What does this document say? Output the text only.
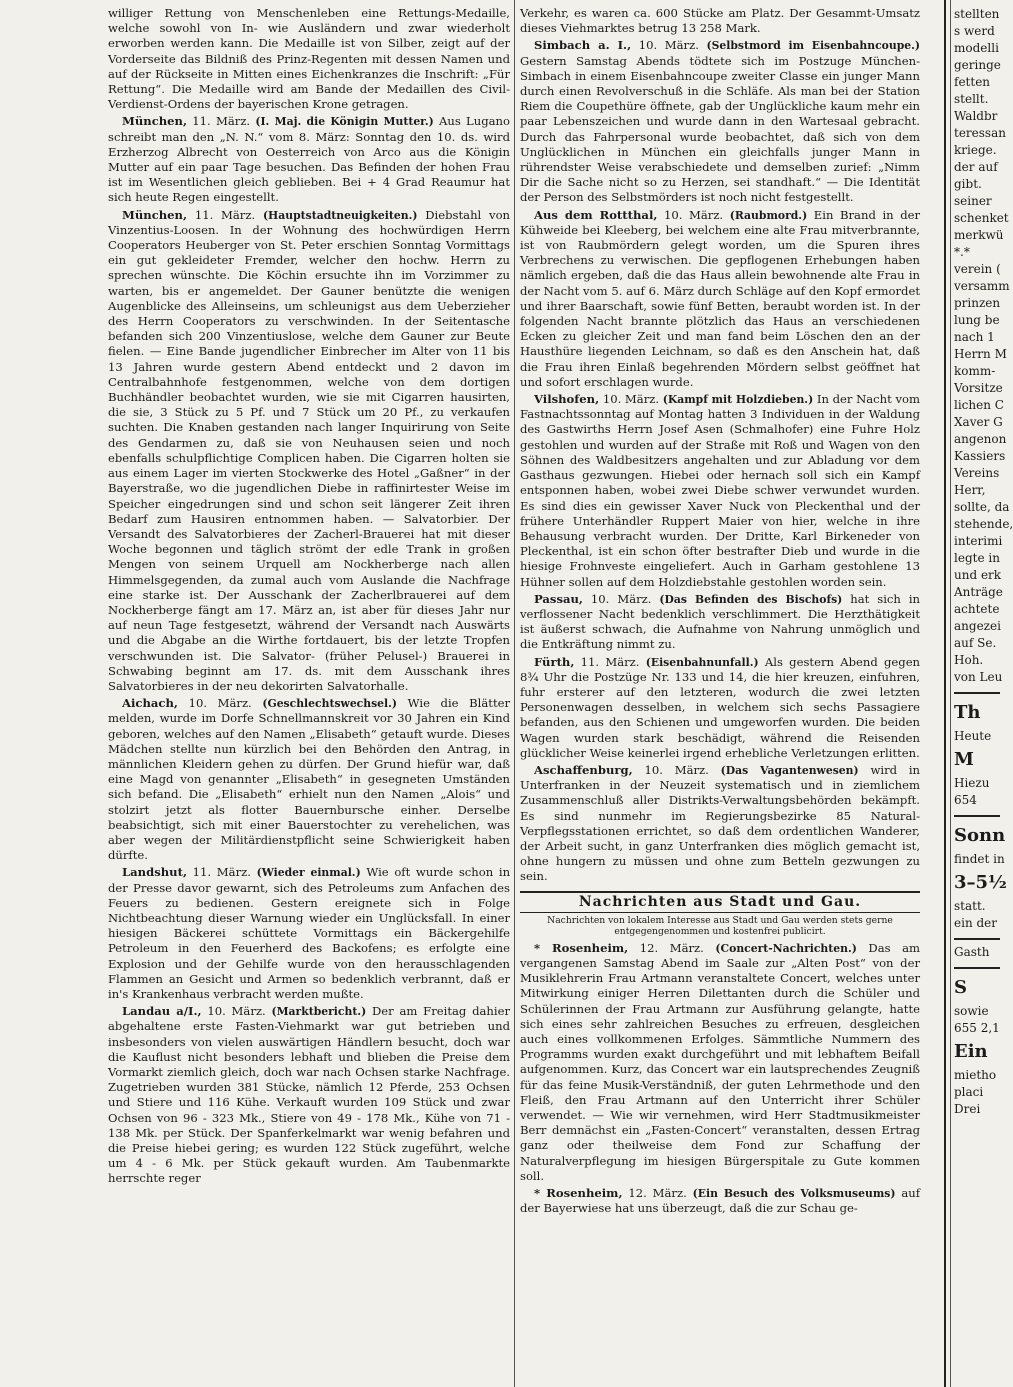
williger Rettung von Menschenleben eine Rettungs-Medaille, welche sowohl von In- wie Ausländern und zwar wiederholt erworben werden kann. Die Medaille ist von Silber, zeigt auf der Vorderseite das Bildniß des Prinz-Regenten mit dessen Namen und auf der Rückseite in Mitten eines Eichenkranzes die Inschrift: „Für Rettung“. Die Medaille wird am Bande der Medaillen des Civil-Verdienst-Ordens der bayerischen Krone getragen.

München, 11. März. (I. Maj. die Königin Mutter.) Aus Lugano schreibt man den „N. N.“ vom 8. März: Sonntag den 10. ds. wird Erzherzog Albrecht von Oesterreich von Arco aus die Königin Mutter auf ein paar Tage besuchen. Das Befinden der hohen Frau ist im Wesentlichen gleich geblieben. Bei + 4 Grad Reaumur hat sich heute Regen eingestellt.

München, 11. März. (Hauptstadtneuigkeiten.) Diebstahl von Vinzentius-Loosen. In der Wohnung des hochwürdigen Herrn Cooperators Heuberger von St. Peter erschien Sonntag Vormittags ein gut gekleideter Fremder, welcher den hochw. Herrn zu sprechen wünschte. Die Köchin ersuchte ihn im Vorzimmer zu warten, bis er angemeldet. Der Gauner benützte die wenigen Augenblicke des Alleinseins, um schleunigst aus dem Ueberzieher des Herrn Cooperators zu verschwinden. In der Seitentasche befanden sich 200 Vinzentiuslose, welche dem Gauner zur Beute fielen. — Eine Bande jugendlicher Einbrecher im Alter von 11 bis 13 Jahren wurde gestern Abend entdeckt und 2 davon im Centralbahnhofe festgenommen, welche von dem dortigen Buchhändler beobachtet wurden, wie sie mit Cigarren hausirten, die sie, 3 Stück zu 5 Pf. und 7 Stück um 20 Pf., zu verkaufen suchten. Die Knaben gestanden nach langer Inquirirung von Seite des Gendarmen zu, daß sie von Neuhausen seien und noch ebenfalls schulpflichtige Complicen haben. Die Cigarren holten sie aus einem Lager im vierten Stockwerke des Hotel „Gaßner“ in der Bayerstraße, wo die jugendlichen Diebe in raffinirtester Weise im Speicher eingedrungen sind und schon seit längerer Zeit ihren Bedarf zum Hausiren entnommen haben. — Salvatorbier. Der Versandt des Salvatorbieres der Zacherl-Brauerei hat mit dieser Woche begonnen und täglich strömt der edle Trank in großen Mengen von seinem Urquell am Nockherberge nach allen Himmelsgegenden, da zumal auch vom Auslande die Nachfrage eine starke ist. Der Ausschank der Zacherlbrauerei auf dem Nockherberge fängt am 17. März an, ist aber für dieses Jahr nur auf neun Tage festgesetzt, während der Versandt nach Auswärts und die Abgabe an die Wirthe fortdauert, bis der letzte Tropfen verschwunden ist. Die Salvator- (früher Pelusel-) Brauerei in Schwabing beginnt am 17. ds. mit dem Ausschank ihres Salvatorbieres in der neu dekorirten Salvatorhalle.

Aichach, 10. März. (Geschlechtswechsel.) Wie die Blätter melden, wurde im Dorfe Schnellmannskreit vor 30 Jahren ein Kind geboren, welches auf den Namen „Elisabeth“ getauft wurde. Dieses Mädchen stellte nun kürzlich bei den Behörden den Antrag, in männlichen Kleidern gehen zu dürfen. Der Grund hiefür war, daß eine Magd von genannter „Elisabeth“ in gesegneten Umständen sich befand. Die „Elisabeth“ erhielt nun den Namen „Alois“ und stolzirt jetzt als flotter Bauernbursche einher. Derselbe beabsichtigt, sich mit einer Bauerstochter zu verehelichen, was aber wegen der Militärdienstpflicht seine Schwierigkeit haben dürfte.

Landshut, 11. März. (Wieder einmal.) Wie oft wurde schon in der Presse davor gewarnt, sich des Petroleums zum Anfachen des Feuers zu bedienen. Gestern ereignete sich in Folge Nichtbeachtung dieser Warnung wieder ein Unglücksfall. In einer hiesigen Bäckerei schüttete Vormittags ein Bäckergehilfe Petroleum in den Feuerherd des Backofens; es erfolgte eine Explosion und der Gehilfe wurde von den herausschlagenden Flammen an Gesicht und Armen so bedenklich verbrannt, daß er in's Krankenhaus verbracht werden mußte.

Landau a/I., 10. März. (Marktbericht.) Der am Freitag dahier abgehaltene erste Fasten-Viehmarkt war gut betrieben und insbesonders von vielen auswärtigen Händlern besucht, doch war die Kauflust nicht besonders lebhaft und blieben die Preise dem Vormarkt ziemlich gleich, doch war nach Ochsen starke Nachfrage. Zugetrieben wurden 381 Stücke, nämlich 12 Pferde, 253 Ochsen und Stiere und 116 Kühe. Verkauft wurden 109 Stück und zwar Ochsen von 96 - 323 Mk., Stiere von 49 - 178 Mk., Kühe von 71 - 138 Mk. per Stück. Der Spanferkelmarkt war wenig befahren und die Preise hiebei gering; es wurden 122 Stück zugeführt, welche um 4 - 6 Mk. per Stück gekauft wurden. Am Taubenmarkte herrschte reger

Verkehr, es waren ca. 600 Stücke am Platz. Der Gesammt-Umsatz dieses Viehmarktes betrug 13 258 Mark.

Simbach a. I., 10. März. (Selbstmord im Eisenbahncoupe.) Gestern Samstag Abends tödtete sich im Postzuge München-Simbach in einem Eisenbahncoupe zweiter Classe ein junger Mann durch einen Revolverschuß in die Schläfe. Als man bei der Station Riem die Coupethüre öffnete, gab der Unglückliche kaum mehr ein paar Lebenszeichen und wurde dann in den Wartesaal gebracht. Durch das Fahrpersonal wurde beobachtet, daß sich von dem Unglücklichen in München ein gleichfalls junger Mann in rührendster Weise verabschiedete und demselben zurief: „Nimm Dir die Sache nicht so zu Herzen, sei standhaft.“ — Die Identität der Person des Selbstmörders ist noch nicht festgestellt.

Aus dem Rottthal, 10. März. (Raubmord.) Ein Brand in der Kühweide bei Kleeberg, bei welchem eine alte Frau mitverbrannte, ist von Raubmördern gelegt worden, um die Spuren ihres Verbrechens zu verwischen. Die gepflogenen Erhebungen haben nämlich ergeben, daß die das Haus allein bewohnende alte Frau in der Nacht vom 5. auf 6. März durch Schläge auf den Kopf ermordet und ihrer Baarschaft, sowie fünf Betten, beraubt worden ist. In der folgenden Nacht brannte plötzlich das Haus an verschiedenen Ecken zu gleicher Zeit und man fand beim Löschen den an der Hausthüre liegenden Leichnam, so daß es den Anschein hat, daß die Frau ihren Einlaß begehrenden Mördern selbst geöffnet hat und sofort erschlagen wurde.

Vilshofen, 10. März. (Kampf mit Holzdieben.) In der Nacht vom Fastnachtssonntag auf Montag hatten 3 Individuen in der Waldung des Gastwirths Herrn Josef Asen (Schmalhofer) eine Fuhre Holz gestohlen und wurden auf der Straße mit Roß und Wagen von den Söhnen des Waldbesitzers angehalten und zur Abladung vor dem Gasthaus gezwungen. Hiebei oder hernach soll sich ein Kampf entsponnen haben, wobei zwei Diebe schwer verwundet wurden. Es sind dies ein gewisser Xaver Nuck von Pleckenthal und der frühere Unterhändler Ruppert Maier von hier, welche in ihre Behausung verbracht wurden. Der Dritte, Karl Birkeneder von Pleckenthal, ist ein schon öfter bestrafter Dieb und wurde in die hiesige Frohnveste eingeliefert. Auch in Garham gestohlene 13 Hühner sollen auf dem Holzdiebstahle gestohlen worden sein.

Passau, 10. März. (Das Befinden des Bischofs) hat sich in verflossener Nacht bedenklich verschlimmert. Die Herzthätigkeit ist äußerst schwach, die Aufnahme von Nahrung unmöglich und die Entkräftung nimmt zu.

Fürth, 11. März. (Eisenbahnunfall.) Als gestern Abend gegen 8¾ Uhr die Postzüge Nr. 133 und 14, die hier kreuzen, einfuhren, fuhr ersterer auf den letzteren, wodurch die zwei letzten Personenwagen desselben, in welchem sich sechs Passagiere befanden, aus den Schienen und umgeworfen wurden. Die beiden Wagen wurden stark beschädigt, während die Reisenden glücklicher Weise keinerlei irgend erhebliche Verletzungen erlitten.

Aschaffenburg, 10. März. (Das Vagantenwesen) wird in Unterfranken in der Neuzeit systematisch und in ziemlichem Zusammenschluß aller Distrikts-Verwaltungsbehörden bekämpft. Es sind nunmehr im Regierungsbezirke 85 Natural-Verpflegsstationen errichtet, so daß dem ordentlichen Wanderer, der Arbeit sucht, in ganz Unterfranken dies möglich gemacht ist, ohne hungern zu müssen und ohne zum Betteln gezwungen zu sein.

Nachrichten aus Stadt und Gau.
Nachrichten von lokalem Interesse aus Stadt und Gau werden stets gerne entgegengenommen und kostenfrei publicirt.

* Rosenheim, 12. März. (Concert-Nachrichten.) Das am vergangenen Samstag Abend im Saale zur „Alten Post“ von der Musiklehrerin Frau Artmann veranstaltete Concert, welches unter Mitwirkung einiger Herren Dilettanten durch die Schüler und Schülerinnen der Frau Artmann zur Ausführung gelangte, hatte sich eines sehr zahlreichen Besuches zu erfreuen, desgleichen auch eines vollkommenen Erfolges. Sämmtliche Nummern des Programms wurden exakt durchgeführt und mit lebhaftem Beifall aufgenommen. Kurz, das Concert war ein lautsprechendes Zeugniß für das feine Musik-Verständniß, der guten Lehrmethode und den Fleiß, den Frau Artmann auf den Unterricht ihrer Schüler verwendet. — Wie wir vernehmen, wird Herr Stadtmusikmeister Berr demnächst ein „Fasten-Concert“ veranstalten, dessen Ertrag ganz oder theilweise dem Fond zur Schaffung der Naturalverpflegung im hiesigen Bürgerspitale zu Gute kommen soll.

* Rosenheim, 12. März. (Ein Besuch des Volksmuseums) auf der Bayerwiese hat uns überzeugt, daß die zur Schau ge-

stellten
s werd
modelli
geringe
fetten
stellt.
Waldbr
teressan
kriege.
der auf
gibt.
seiner
schenket
merkwü
*.*
verein (
versamm
prinzen
lung be
nach 1
Herrn M
komm-
Vorsitze
lichen C
Xaver G
angenon
Kassiers
Vereins
Herr,
sollte, da
stehende,
interimi
legte in
und erk
Anträge
achtete
angezei
auf Se.
Hoh.
von Leu
Th
Heute
M
Hiezu
654
Sonn
findet in
3–5½
statt.
ein der
Gasth
S
sowie
655 2,1
Ein
mietho
placi
Drei
